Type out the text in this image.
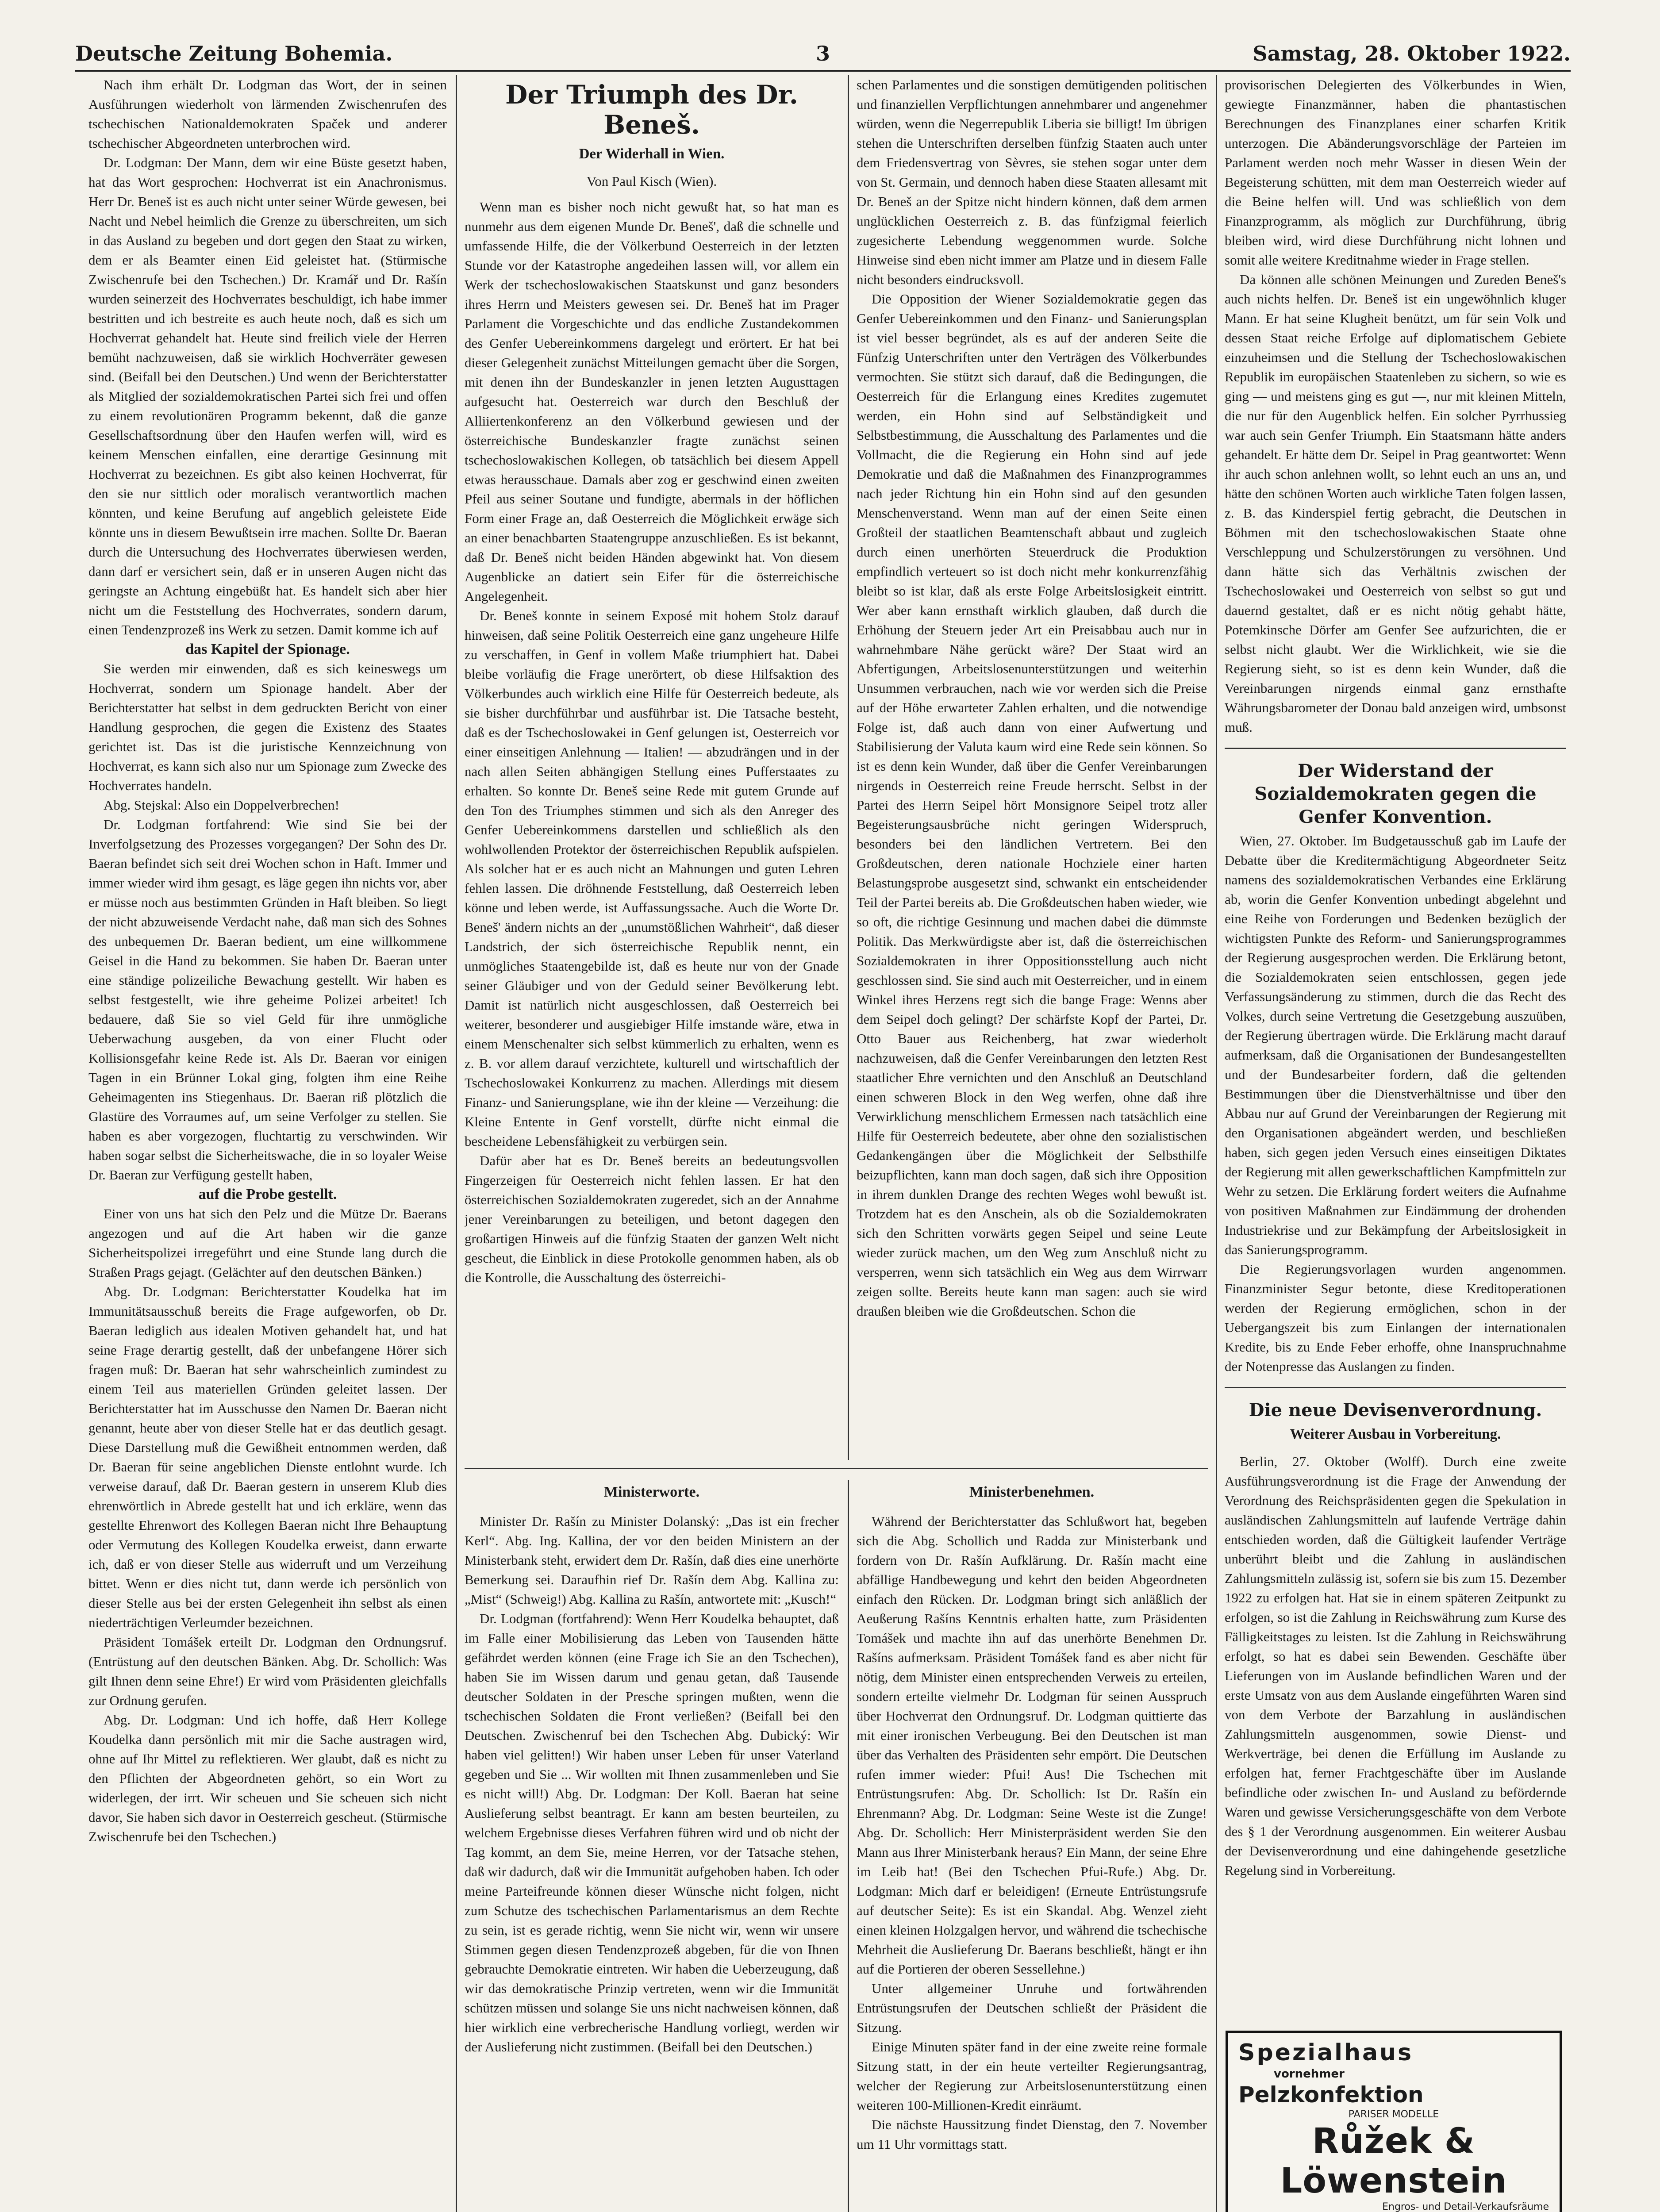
Deutsche Zeitung Bohemia.	3	Samstag, 28. Oktober 1922.

Nach ihm erhält Dr. Lodgman das Wort, der in seinen Ausführungen wiederholt von lärmenden Zwischenrufen des tschechischen Nationaldemokraten Spaček und anderer tschechischer Abgeordneten unterbrochen wird.

Dr. Lodgman: Der Mann, dem wir eine Büste gesetzt haben, hat das Wort gesprochen: Hochverrat ist ein Anachronismus. Herr Dr. Beneš ist es auch nicht unter seiner Würde gewesen, bei Nacht und Nebel heimlich die Grenze zu überschreiten, um sich in das Ausland zu begeben und dort gegen den Staat zu wirken, dem er als Beamter einen Eid geleistet hat. (Stürmische Zwischenrufe bei den Tschechen.) Dr. Kramář und Dr. Rašín wurden seinerzeit des Hochverrates beschuldigt, ich habe immer bestritten und ich bestreite es auch heute noch, daß es sich um Hochverrat gehandelt hat. Heute sind freilich viele der Herren bemüht nachzuweisen, daß sie wirklich Hochverräter gewesen sind. (Beifall bei den Deutschen.) Und wenn der Berichterstatter als Mitglied der sozialdemokratischen Partei sich frei und offen zu einem revolutionären Programm bekennt, daß die ganze Gesellschaftsordnung über den Haufen werfen will, wird es keinem Menschen einfallen, eine derartige Gesinnung mit Hochverrat zu bezeichnen. Es gibt also keinen Hochverrat, für den sie nur sittlich oder moralisch verantwortlich machen könnten, und keine Berufung auf angeblich geleistete Eide könnte uns in diesem Bewußtsein irre machen. Sollte Dr. Baeran durch die Untersuchung des Hochverrates überwiesen werden, dann darf er versichert sein, daß er in unseren Augen nicht das geringste an Achtung eingebüßt hat. Es handelt sich aber hier nicht um die Feststellung des Hochverrates, sondern darum, einen Tendenzprozeß ins Werk zu setzen. Damit komme ich auf

das Kapitel der Spionage.

Sie werden mir einwenden, daß es sich keineswegs um Hochverrat, sondern um Spionage handelt. Aber der Berichterstatter hat selbst in dem gedruckten Bericht von einer Handlung gesprochen, die gegen die Existenz des Staates gerichtet ist. Das ist die juristische Kennzeichnung von Hochverrat, es kann sich also nur um Spionage zum Zwecke des Hochverrates handeln.

Abg. Stejskal: Also ein Doppelverbrechen!

Dr. Lodgman fortfahrend: Wie sind Sie bei der Inverfolgsetzung des Prozesses vorgegangen? Der Sohn des Dr. Baeran befindet sich seit drei Wochen schon in Haft. Immer und immer wieder wird ihm gesagt, es läge gegen ihn nichts vor, aber er müsse noch aus bestimmten Gründen in Haft bleiben. So liegt der nicht abzuweisende Verdacht nahe, daß man sich des Sohnes des unbequemen Dr. Baeran bedient, um eine willkommene Geisel in die Hand zu bekommen. Sie haben Dr. Baeran unter eine ständige polizeiliche Bewachung gestellt. Wir haben es selbst festgestellt, wie ihre geheime Polizei arbeitet! Ich bedauere, daß Sie so viel Geld für ihre unmögliche Ueberwachung ausgeben, da von einer Flucht oder Kollisionsgefahr keine Rede ist. Als Dr. Baeran vor einigen Tagen in ein Brünner Lokal ging, folgten ihm eine Reihe Geheimagenten ins Stiegenhaus. Dr. Baeran riß plötzlich die Glastüre des Vorraumes auf, um seine Verfolger zu stellen. Sie haben es aber vorgezogen, fluchtartig zu verschwinden. Wir haben sogar selbst die Sicherheitswache, die in so loyaler Weise Dr. Baeran zur Verfügung gestellt haben,

auf die Probe gestellt.

Einer von uns hat sich den Pelz und die Mütze Dr. Baerans angezogen und auf die Art haben wir die ganze Sicherheitspolizei irregeführt und eine Stunde lang durch die Straßen Prags gejagt. (Gelächter auf den deutschen Bänken.)

Abg. Dr. Lodgman: Berichterstatter Koudelka hat im Immunitätsausschuß bereits die Frage aufgeworfen, ob Dr. Baeran lediglich aus idealen Motiven gehandelt hat, und hat seine Frage derartig gestellt, daß der unbefangene Hörer sich fragen muß: Dr. Baeran hat sehr wahrscheinlich zumindest zu einem Teil aus materiellen Gründen geleitet lassen. Der Berichterstatter hat im Ausschusse den Namen Dr. Baeran nicht genannt, heute aber von dieser Stelle hat er das deutlich gesagt. Diese Darstellung muß die Gewißheit entnommen werden, daß Dr. Baeran für seine angeblichen Dienste entlohnt wurde. Ich verweise darauf, daß Dr. Baeran gestern in unserem Klub dies ehrenwörtlich in Abrede gestellt hat und ich erkläre, wenn das gestellte Ehrenwort des Kollegen Baeran nicht Ihre Behauptung oder Vermutung des Kollegen Koudelka erweist, dann erwarte ich, daß er von dieser Stelle aus widerruft und um Verzeihung bittet. Wenn er dies nicht tut, dann werde ich persönlich von dieser Stelle aus bei der ersten Gelegenheit ihn selbst als einen niederträchtigen Verleumder bezeichnen.

Präsident Tomášek erteilt Dr. Lodgman den Ordnungsruf. (Entrüstung auf den deutschen Bänken. Abg. Dr. Schollich: Was gilt Ihnen denn seine Ehre!) Er wird vom Präsidenten gleichfalls zur Ordnung gerufen.

Abg. Dr. Lodgman: Und ich hoffe, daß Herr Kollege Koudelka dann persönlich mit mir die Sache austragen wird, ohne auf Ihr Mittel zu reflektieren. Wer glaubt, daß es nicht zu den Pflichten der Abgeordneten gehört, so ein Wort zu widerlegen, der irrt. Wir scheuen und Sie scheuen sich nicht davor, Sie haben sich davor in Oesterreich gescheut. (Stürmische Zwischenrufe bei den Tschechen.)

Der Triumph des Dr. Beneš.
Der Widerhall in Wien.
Von Paul Kisch (Wien).

Wenn man es bisher noch nicht gewußt hat, so hat man es nunmehr aus dem eigenen Munde Dr. Beneš', daß die schnelle und umfassende Hilfe, die der Völkerbund Oesterreich in der letzten Stunde vor der Katastrophe angedeihen lassen will, vor allem ein Werk der tschechoslowakischen Staatskunst und ganz besonders ihres Herrn und Meisters gewesen sei. Dr. Beneš hat im Prager Parlament die Vorgeschichte und das endliche Zustandekommen des Genfer Uebereinkommens dargelegt und erörtert. Er hat bei dieser Gelegenheit zunächst Mitteilungen gemacht über die Sorgen, mit denen ihn der Bundeskanzler in jenen letzten Augusttagen aufgesucht hat. Oesterreich war durch den Beschluß der Alliiertenkonferenz an den Völkerbund gewiesen und der österreichische Bundeskanzler fragte zunächst seinen tschechoslowakischen Kollegen, ob tatsächlich bei diesem Appell etwas herausschaue. Damals aber zog er geschwind einen zweiten Pfeil aus seiner Soutane und fundigte, abermals in der höflichen Form einer Frage an, daß Oesterreich die Möglichkeit erwäge sich an einer benachbarten Staatengruppe anzuschließen. Es ist bekannt, daß Dr. Beneš nicht beiden Händen abgewinkt hat. Von diesem Augenblicke an datiert sein Eifer für die österreichische Angelegenheit.

Dr. Beneš konnte in seinem Exposé mit hohem Stolz darauf hinweisen, daß seine Politik Oesterreich eine ganz ungeheure Hilfe zu verschaffen, in Genf in vollem Maße triumphiert hat. Dabei bleibe vorläufig die Frage unerörtert, ob diese Hilfsaktion des Völkerbundes auch wirklich eine Hilfe für Oesterreich bedeute, als sie bisher durchführbar und ausführbar ist. Die Tatsache besteht, daß es der Tschechoslowakei in Genf gelungen ist, Oesterreich vor einer einseitigen Anlehnung — Italien! — abzudrängen und in der nach allen Seiten abhängigen Stellung eines Pufferstaates zu erhalten. So konnte Dr. Beneš seine Rede mit gutem Grunde auf den Ton des Triumphes stimmen und sich als den Anreger des Genfer Uebereinkommens darstellen und schließlich als den wohlwollenden Protektor der österreichischen Republik aufspielen. Als solcher hat er es auch nicht an Mahnungen und guten Lehren fehlen lassen. Die dröhnende Feststellung, daß Oesterreich leben könne und leben werde, ist Auffassungssache. Auch die Worte Dr. Beneš' ändern nichts an der „unumstößlichen Wahrheit“, daß dieser Landstrich, der sich österreichische Republik nennt, ein unmögliches Staatengebilde ist, daß es heute nur von der Gnade seiner Gläubiger und von der Geduld seiner Bevölkerung lebt. Damit ist natürlich nicht ausgeschlossen, daß Oesterreich bei weiterer, besonderer und ausgiebiger Hilfe imstande wäre, etwa in einem Menschenalter sich selbst kümmerlich zu erhalten, wenn es z. B. vor allem darauf verzichtete, kulturell und wirtschaftlich der Tschechoslowakei Konkurrenz zu machen. Allerdings mit diesem Finanz- und Sanierungsplane, wie ihn der kleine — Verzeihung: die Kleine Entente in Genf vorstellt, dürfte nicht einmal die bescheidene Lebensfähigkeit zu verbürgen sein.

Dafür aber hat es Dr. Beneš bereits an bedeutungsvollen Fingerzeigen für Oesterreich nicht fehlen lassen. Er hat den österreichischen Sozialdemokraten zugeredet, sich an der Annahme jener Vereinbarungen zu beteiligen, und betont dagegen den großartigen Hinweis auf die fünfzig Staaten der ganzen Welt nicht gescheut, die Einblick in diese Protokolle genommen haben, als ob die Kontrolle, die Ausschaltung des österreichi-

schen Parlamentes und die sonstigen demütigenden politischen und finanziellen Verpflichtungen annehmbarer und angenehmer würden, wenn die Negerrepublik Liberia sie billigt! Im übrigen stehen die Unterschriften derselben fünfzig Staaten auch unter dem Friedensvertrag von Sèvres, sie stehen sogar unter dem von St. Germain, und dennoch haben diese Staaten allesamt mit Dr. Beneš an der Spitze nicht hindern können, daß dem armen unglücklichen Oesterreich z. B. das fünfzigmal feierlich zugesicherte Lebendung weggenommen wurde. Solche Hinweise sind eben nicht immer am Platze und in diesem Falle nicht besonders eindrucksvoll.

Die Opposition der Wiener Sozialdemokratie gegen das Genfer Uebereinkommen und den Finanz- und Sanierungsplan ist viel besser begründet, als es auf der anderen Seite die Fünfzig Unterschriften unter den Verträgen des Völkerbundes vermochten. Sie stützt sich darauf, daß die Bedingungen, die Oesterreich für die Erlangung eines Kredites zugemutet werden, ein Hohn sind auf Selbständigkeit und Selbstbestimmung, die Ausschaltung des Parlamentes und die Vollmacht, die die Regierung ein Hohn sind auf jede Demokratie und daß die Maßnahmen des Finanzprogrammes nach jeder Richtung hin ein Hohn sind auf den gesunden Menschenverstand. Wenn man auf der einen Seite einen Großteil der staatlichen Beamtenschaft abbaut und zugleich durch einen unerhörten Steuerdruck die Produktion empfindlich verteuert so ist doch nicht mehr konkurrenzfähig bleibt so ist klar, daß als erste Folge Arbeitslosigkeit eintritt. Wer aber kann ernsthaft wirklich glauben, daß durch die Erhöhung der Steuern jeder Art ein Preisabbau auch nur in wahrnehmbare Nähe gerückt wäre? Der Staat wird an Abfertigungen, Arbeitslosenunterstützungen und weiterhin Unsummen verbrauchen, nach wie vor werden sich die Preise auf der Höhe erwarteter Zahlen erhalten, und die notwendige Folge ist, daß auch dann von einer Aufwertung und Stabilisierung der Valuta kaum wird eine Rede sein können. So ist es denn kein Wunder, daß über die Genfer Vereinbarungen nirgends in Oesterreich reine Freude herrscht. Selbst in der Partei des Herrn Seipel hört Monsignore Seipel trotz aller Begeisterungsausbrüche nicht geringen Widerspruch, besonders bei den ländlichen Vertretern. Bei den Großdeutschen, deren nationale Hochziele einer harten Belastungsprobe ausgesetzt sind, schwankt ein entscheidender Teil der Partei bereits ab. Die Großdeutschen haben wieder, wie so oft, die richtige Gesinnung und machen dabei die dümmste Politik. Das Merkwürdigste aber ist, daß die österreichischen Sozialdemokraten in ihrer Oppositionsstellung auch nicht geschlossen sind. Sie sind auch mit Oesterreicher, und in einem Winkel ihres Herzens regt sich die bange Frage: Wenns aber dem Seipel doch gelingt? Der schärfste Kopf der Partei, Dr. Otto Bauer aus Reichenberg, hat zwar wiederholt nachzuweisen, daß die Genfer Vereinbarungen den letzten Rest staatlicher Ehre vernichten und den Anschluß an Deutschland einen schweren Block in den Weg werfen, ohne daß ihre Verwirklichung menschlichem Ermessen nach tatsächlich eine Hilfe für Oesterreich bedeutete, aber ohne den sozialistischen Gedankengängen über die Möglichkeit der Selbsthilfe beizupflichten, kann man doch sagen, daß sich ihre Opposition in ihrem dunklen Drange des rechten Weges wohl bewußt ist. Trotzdem hat es den Anschein, als ob die Sozialdemokraten sich den Schritten vorwärts gegen Seipel und seine Leute wieder zurück machen, um den Weg zum Anschluß nicht zu versperren, wenn sich tatsächlich ein Weg aus dem Wirrwarr zeigen sollte. Bereits heute kann man sagen: auch sie wird draußen bleiben wie die Großdeutschen. Schon die

Ministerworte.

Minister Dr. Rašín zu Minister Dolanský: „Das ist ein frecher Kerl“. Abg. Ing. Kallina, der vor den beiden Ministern an der Ministerbank steht, erwidert dem Dr. Rašín, daß dies eine unerhörte Bemerkung sei. Daraufhin rief Dr. Rašín dem Abg. Kallina zu: „Mist“ (Schweig!) Abg. Kallina zu Rašín, antwortete mit: „Kusch!“

Dr. Lodgman (fortfahrend): Wenn Herr Koudelka behauptet, daß im Falle einer Mobilisierung das Leben von Tausenden hätte gefährdet werden können (eine Frage ich Sie an den Tschechen), haben Sie im Wissen darum und genau getan, daß Tausende deutscher Soldaten in der Presche springen mußten, wenn die tschechischen Soldaten die Front verließen? (Beifall bei den Deutschen. Zwischenruf bei den Tschechen Abg. Dubický: Wir haben viel gelitten!) Wir haben unser Leben für unser Vaterland gegeben und Sie ... Wir wollten mit Ihnen zusammenleben und Sie es nicht will!) Abg. Dr. Lodgman: Der Koll. Baeran hat seine Auslieferung selbst beantragt. Er kann am besten beurteilen, zu welchem Ergebnisse dieses Verfahren führen wird und ob nicht der Tag kommt, an dem Sie, meine Herren, vor der Tatsache stehen, daß wir dadurch, daß wir die Immunität aufgehoben haben. Ich oder meine Parteifreunde können dieser Wünsche nicht folgen, nicht zum Schutze des tschechischen Parlamentarismus an dem Rechte zu sein, ist es gerade richtig, wenn Sie nicht wir, wenn wir unsere Stimmen gegen diesen Tendenzprozeß abgeben, für die von Ihnen gebrauchte Demokratie eintreten. Wir haben die Ueberzeugung, daß wir das demokratische Prinzip vertreten, wenn wir die Immunität schützen müssen und solange Sie uns nicht nachweisen können, daß hier wirklich eine verbrecherische Handlung vorliegt, werden wir der Auslieferung nicht zustimmen. (Beifall bei den Deutschen.)

Ministerbenehmen.

Während der Berichterstatter das Schlußwort hat, begeben sich die Abg. Schollich und Radda zur Ministerbank und fordern von Dr. Rašín Aufklärung. Dr. Rašín macht eine abfällige Handbewegung und kehrt den beiden Abgeordneten einfach den Rücken. Dr. Lodgman bringt sich anläßlich der Aeußerung Rašíns Kenntnis erhalten hatte, zum Präsidenten Tomášek und machte ihn auf das unerhörte Benehmen Dr. Rašíns aufmerksam. Präsident Tomášek fand es aber nicht für nötig, dem Minister einen entsprechenden Verweis zu erteilen, sondern erteilte vielmehr Dr. Lodgman für seinen Ausspruch über Hochverrat den Ordnungsruf. Dr. Lodgman quittierte das mit einer ironischen Verbeugung. Bei den Deutschen ist man über das Verhalten des Präsidenten sehr empört. Die Deutschen rufen immer wieder: Pfui! Aus! Die Tschechen mit Entrüstungsrufen: Abg. Dr. Schollich: Ist Dr. Rašín ein Ehrenmann? Abg. Dr. Lodgman: Seine Weste ist die Zunge! Abg. Dr. Schollich: Herr Ministerpräsident werden Sie den Mann aus Ihrer Ministerbank heraus? Ein Mann, der seine Ehre im Leib hat! (Bei den Tschechen Pfui-Rufe.) Abg. Dr. Lodgman: Mich darf er beleidigen! (Erneute Entrüstungsrufe auf deutscher Seite): Es ist ein Skandal. Abg. Wenzel zieht einen kleinen Holzgalgen hervor, und während die tschechische Mehrheit die Auslieferung Dr. Baerans beschließt, hängt er ihn auf die Portieren der oberen Sessellehne.)

Unter allgemeiner Unruhe und fortwährenden Entrüstungsrufen der Deutschen schließt der Präsident die Sitzung.

Einige Minuten später fand in der eine zweite reine formale Sitzung statt, in der ein heute verteilter Regierungsantrag, welcher der Regierung zur Arbeitslosenunterstützung einen weiteren 100-Millionen-Kredit einräumt.

Die nächste Haussitzung findet Dienstag, den 7. November um 11 Uhr vormittags statt.

provisorischen Delegierten des Völkerbundes in Wien, gewiegte Finanzmänner, haben die phantastischen Berechnungen des Finanzplanes einer scharfen Kritik unterzogen. Die Abänderungsvorschläge der Parteien im Parlament werden noch mehr Wasser in diesen Wein der Begeisterung schütten, mit dem man Oesterreich wieder auf die Beine helfen will. Und was schließlich von dem Finanzprogramm, als möglich zur Durchführung, übrig bleiben wird, wird diese Durchführung nicht lohnen und somit alle weitere Kreditnahme wieder in Frage stellen.

Da können alle schönen Meinungen und Zureden Beneš's auch nichts helfen. Dr. Beneš ist ein ungewöhnlich kluger Mann. Er hat seine Klugheit benützt, um für sein Volk und dessen Staat reiche Erfolge auf diplomatischem Gebiete einzuheimsen und die Stellung der Tschechoslowakischen Republik im europäischen Staatenleben zu sichern, so wie es ging — und meistens ging es gut —, nur mit kleinen Mitteln, die nur für den Augenblick helfen. Ein solcher Pyrrhussieg war auch sein Genfer Triumph. Ein Staatsmann hätte anders gehandelt. Er hätte dem Dr. Seipel in Prag geantwortet: Wenn ihr auch schon anlehnen wollt, so lehnt euch an uns an, und hätte den schönen Worten auch wirkliche Taten folgen lassen, z. B. das Kinderspiel fertig gebracht, die Deutschen in Böhmen mit den tschechoslowakischen Staate ohne Verschleppung und Schulzerstörungen zu versöhnen. Und dann hätte sich das Verhältnis zwischen der Tschechoslowakei und Oesterreich von selbst so gut und dauernd gestaltet, daß er es nicht nötig gehabt hätte, Potemkinsche Dörfer am Genfer See aufzurichten, die er selbst nicht glaubt. Wer die Wirklichkeit, wie sie die Regierung sieht, so ist es denn kein Wunder, daß die Vereinbarungen nirgends einmal ganz ernsthafte Währungsbarometer der Donau bald anzeigen wird, umbsonst muß.

Der Widerstand der Sozialdemokraten gegen die Genfer Konvention.

Wien, 27. Oktober. Im Budgetausschuß gab im Laufe der Debatte über die Kreditermächtigung Abgeordneter Seitz namens des sozialdemokratischen Verbandes eine Erklärung ab, worin die Genfer Konvention unbedingt abgelehnt und eine Reihe von Forderungen und Bedenken bezüglich der wichtigsten Punkte des Reform- und Sanierungsprogrammes der Regierung ausgesprochen werden. Die Erklärung betont, die Sozialdemokraten seien entschlossen, gegen jede Verfassungsänderung zu stimmen, durch die das Recht des Volkes, durch seine Vertretung die Gesetzgebung auszuüben, der Regierung übertragen würde. Die Erklärung macht darauf aufmerksam, daß die Organisationen der Bundesangestellten und der Bundesarbeiter fordern, daß die geltenden Bestimmungen über die Dienstverhältnisse und über den Abbau nur auf Grund der Vereinbarungen der Regierung mit den Organisationen abgeändert werden, und beschließen haben, sich gegen jeden Versuch eines einseitigen Diktates der Regierung mit allen gewerkschaftlichen Kampfmitteln zur Wehr zu setzen. Die Erklärung fordert weiters die Aufnahme von positiven Maßnahmen zur Eindämmung der drohenden Industriekrise und zur Bekämpfung der Arbeitslosigkeit in das Sanierungsprogramm.

Die Regierungsvorlagen wurden angenommen. Finanzminister Segur betonte, diese Kreditoperationen werden der Regierung ermöglichen, schon in der Uebergangszeit bis zum Einlangen der internationalen Kredite, bis zu Ende Feber erhoffe, ohne Inanspruchnahme der Notenpresse das Auslangen zu finden.

Die neue Devisenverordnung.
Weiterer Ausbau in Vorbereitung.

Berlin, 27. Oktober (Wolff). Durch eine zweite Ausführungsverordnung ist die Frage der Anwendung der Verordnung des Reichspräsidenten gegen die Spekulation in ausländischen Zahlungsmitteln auf laufende Verträge dahin entschieden worden, daß die Gültigkeit laufender Verträge unberührt bleibt und die Zahlung in ausländischen Zahlungsmitteln zulässig ist, sofern sie bis zum 15. Dezember 1922 zu erfolgen hat. Hat sie in einem späteren Zeitpunkt zu erfolgen, so ist die Zahlung in Reichswährung zum Kurse des Fälligkeitstages zu leisten. Ist die Zahlung in Reichswährung erfolgt, so hat es dabei sein Bewenden. Geschäfte über Lieferungen von im Auslande befindlichen Waren und der erste Umsatz von aus dem Auslande eingeführten Waren sind von dem Verbote der Barzahlung in ausländischen Zahlungsmitteln ausgenommen, sowie Dienst- und Werkverträge, bei denen die Erfüllung im Auslande zu erfolgen hat, ferner Frachtgeschäfte über im Auslande befindliche oder zwischen In- und Ausland zu befördernde Waren und gewisse Versicherungsgeschäfte von dem Verbote des § 1 der Verordnung ausgenommen. Ein weiterer Ausbau der Devisenverordnung und eine dahingehende gesetzliche Regelung sind in Vorbereitung.

Spezialhaus
vornehmer
Pelzkonfektion
PARISER MODELLE
Růžek & Löwenstein
Engros- und Detail-Verkaufsräume
